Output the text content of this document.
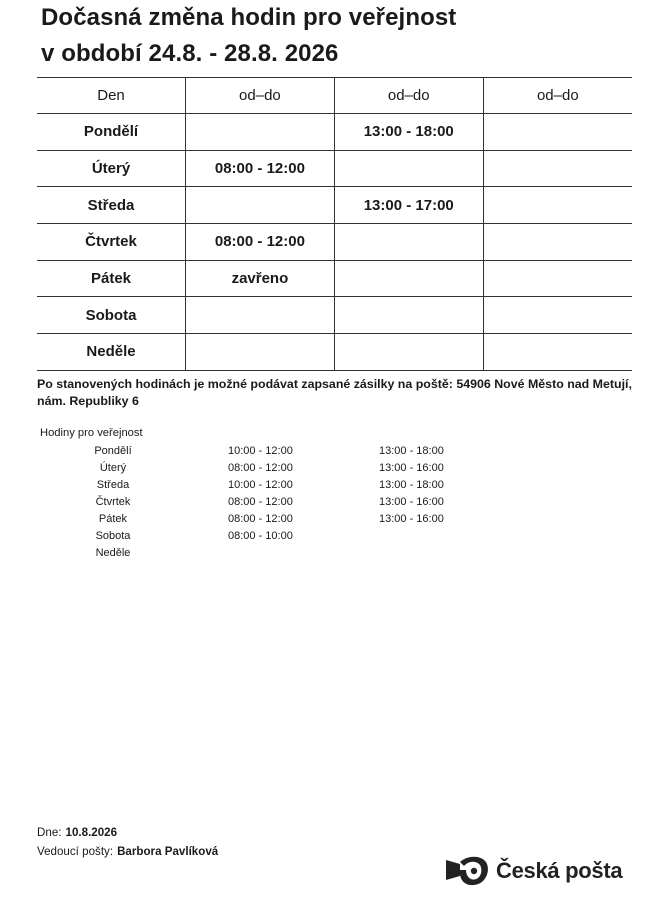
Dočasná změna hodin pro veřejnost
v období 24.8. - 28.8. 2026
Den	od–do	od–do	od–do
Pondělí		13:00 - 18:00	
Úterý	08:00 - 12:00		
Středa		13:00 - 17:00	
Čtvrtek	08:00 - 12:00		
Pátek	zavřeno		
Sobota			
Neděle			
Po stanovených hodinách je možné podávat zapsané zásilky na poště: 54906 Nové Město nad Metují, nám. Republiky 6
Hodiny pro veřejnost
Pondělí	10:00 - 12:00	13:00 - 18:00
Úterý	08:00 - 12:00	13:00 - 16:00
Středa	10:00 - 12:00	13:00 - 18:00
Čtvrtek	08:00 - 12:00	13:00 - 16:00
Pátek	08:00 - 12:00	13:00 - 16:00
Sobota	08:00 - 10:00
Neděle
Dne: 10.8.2026
Vedoucí pošty: Barbora Pavlíková
Česká pošta
